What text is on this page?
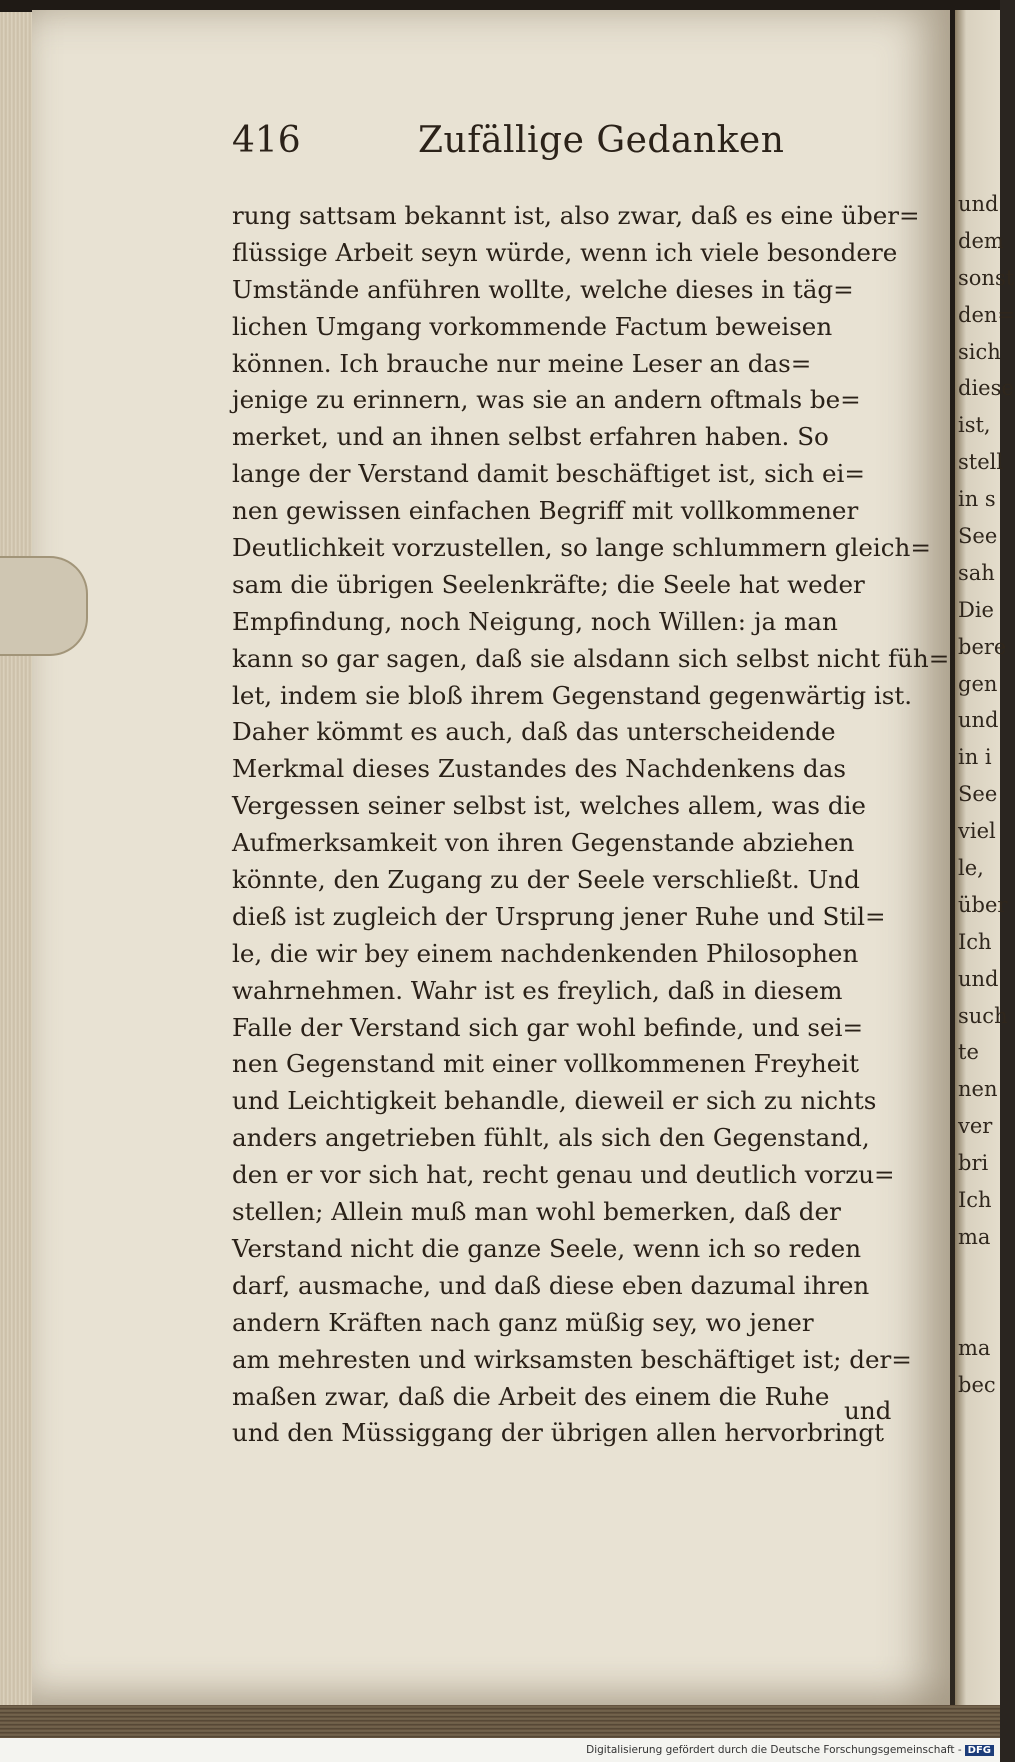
und
dem
sonst
den=
sich
diese
ist,
stell
in s
See
sah
Die
bere
gen
und
in i
See
viel
le,
über
Ich
und
such
te
nen
ver
bri
Ich
ma
ma
bec
416	Zufällige Gedanken
rung sattsam bekannt ist, also zwar, daß es eine über=
flüssige Arbeit seyn würde, wenn ich viele besondere
Umstände anführen wollte, welche dieses in täg=
lichen Umgang vorkommende Factum beweisen
können. Ich brauche nur meine Leser an das=
jenige zu erinnern, was sie an andern oftmals be=
merket, und an ihnen selbst erfahren haben. So
lange der Verstand damit beschäftiget ist, sich ei=
nen gewissen einfachen Begriff mit vollkommener
Deutlichkeit vorzustellen, so lange schlummern gleich=
sam die übrigen Seelenkräfte; die Seele hat weder
Empfindung, noch Neigung, noch Willen: ja man
kann so gar sagen, daß sie alsdann sich selbst nicht füh=
let, indem sie bloß ihrem Gegenstand gegenwärtig ist.
Daher kömmt es auch, daß das unterscheidende
Merkmal dieses Zustandes des Nachdenkens das
Vergessen seiner selbst ist, welches allem, was die
Aufmerksamkeit von ihren Gegenstande abziehen
könnte, den Zugang zu der Seele verschließt. Und
dieß ist zugleich der Ursprung jener Ruhe und Stil=
le, die wir bey einem nachdenkenden Philosophen
wahrnehmen. Wahr ist es freylich, daß in diesem
Falle der Verstand sich gar wohl befinde, und sei=
nen Gegenstand mit einer vollkommenen Freyheit
und Leichtigkeit behandle, dieweil er sich zu nichts
anders angetrieben fühlt, als sich den Gegenstand,
den er vor sich hat, recht genau und deutlich vorzu=
stellen; Allein muß man wohl bemerken, daß der
Verstand nicht die ganze Seele, wenn ich so reden
darf, ausmache, und daß diese eben dazumal ihren
andern Kräften nach ganz müßig sey, wo jener
am mehresten und wirksamsten beschäftiget ist; der=
maßen zwar, daß die Arbeit des einem die Ruhe
und den Müssiggang der übrigen allen hervorbringt
und
Digitalisierung gefördert durch die Deutsche Forschungsgemeinschaft - DFG
